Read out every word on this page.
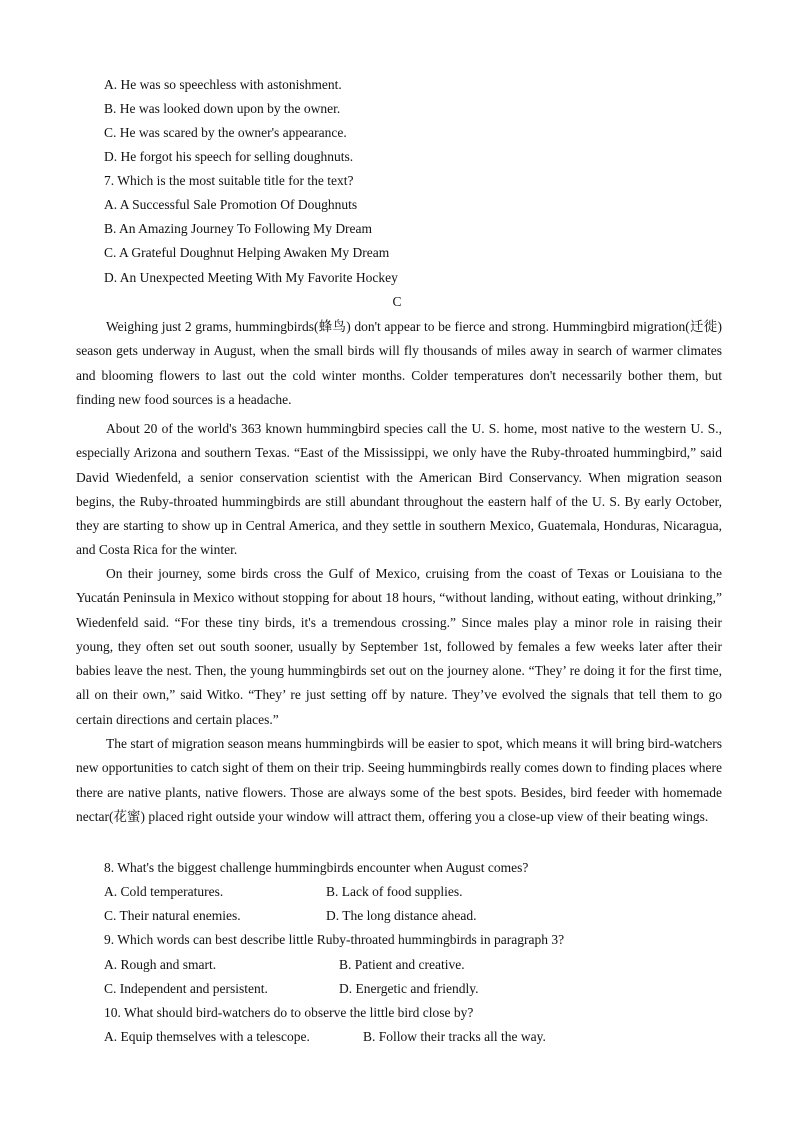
A. He was so speechless with astonishment.

B. He was looked down upon by the owner.

C. He was scared by the owner's appearance.

D. He forgot his speech for selling doughnuts.

7. Which is the most suitable title for the text?

A. A Successful Sale Promotion Of Doughnuts

B. An Amazing Journey To Following My Dream

C. A Grateful Doughnut Helping Awaken My Dream

D. An Unexpected Meeting With My Favorite Hockey

C

Weighing just 2 grams, hummingbirds(蜂鸟) don't appear to be fierce and strong. Hummingbird migration(迁徙) season gets underway in August, when the small birds will fly thousands of miles away in search of warmer climates and blooming flowers to last out the cold winter months. Colder temperatures don't necessarily bother them, but finding new food sources is a headache.

About 20 of the world's 363 known hummingbird species call the U. S. home, most native to the western U. S., especially Arizona and southern Texas. “East of the Mississippi, we only have the Ruby-throated hummingbird,” said David Wiedenfeld, a senior conservation scientist with the American Bird Conservancy. When migration season begins, the Ruby-throated hummingbirds are still abundant throughout the eastern half of the U. S. By early October, they are starting to show up in Central America, and they settle in southern Mexico, Guatemala, Honduras, Nicaragua, and Costa Rica for the winter.

On their journey, some birds cross the Gulf of Mexico, cruising from the coast of Texas or Louisiana to the Yucatán Peninsula in Mexico without stopping for about 18 hours, “without landing, without eating, without drinking,” Wiedenfeld said. “For these tiny birds, it's a tremendous crossing.” Since males play a minor role in raising their young, they often set out south sooner, usually by September 1st, followed by females a few weeks later after their babies leave the nest. Then, the young hummingbirds set out on the journey alone. “They’ re doing it for the first time, all on their own,” said Witko. “They’ re just setting off by nature. They’ve evolved the signals that tell them to go certain directions and certain places.”

The start of migration season means hummingbirds will be easier to spot, which means it will bring bird-watchers new opportunities to catch sight of them on their trip. Seeing hummingbirds really comes down to finding places where there are native plants, native flowers. Those are always some of the best spots. Besides, bird feeder with homemade nectar(花蜜) placed right outside your window will attract them, offering you a close-up view of their beating wings.

8. What's the biggest challenge hummingbirds encounter when August comes?

A. Cold temperatures.	B. Lack of food supplies.

C. Their natural enemies.	D. The long distance ahead.

9. Which words can best describe little Ruby-throated hummingbirds in paragraph 3?

A. Rough and smart.	B. Patient and creative.

C. Independent and persistent.	D. Energetic and friendly.

10. What should bird-watchers do to observe the little bird close by?

A. Equip themselves with a telescope.	B. Follow their tracks all the way.
